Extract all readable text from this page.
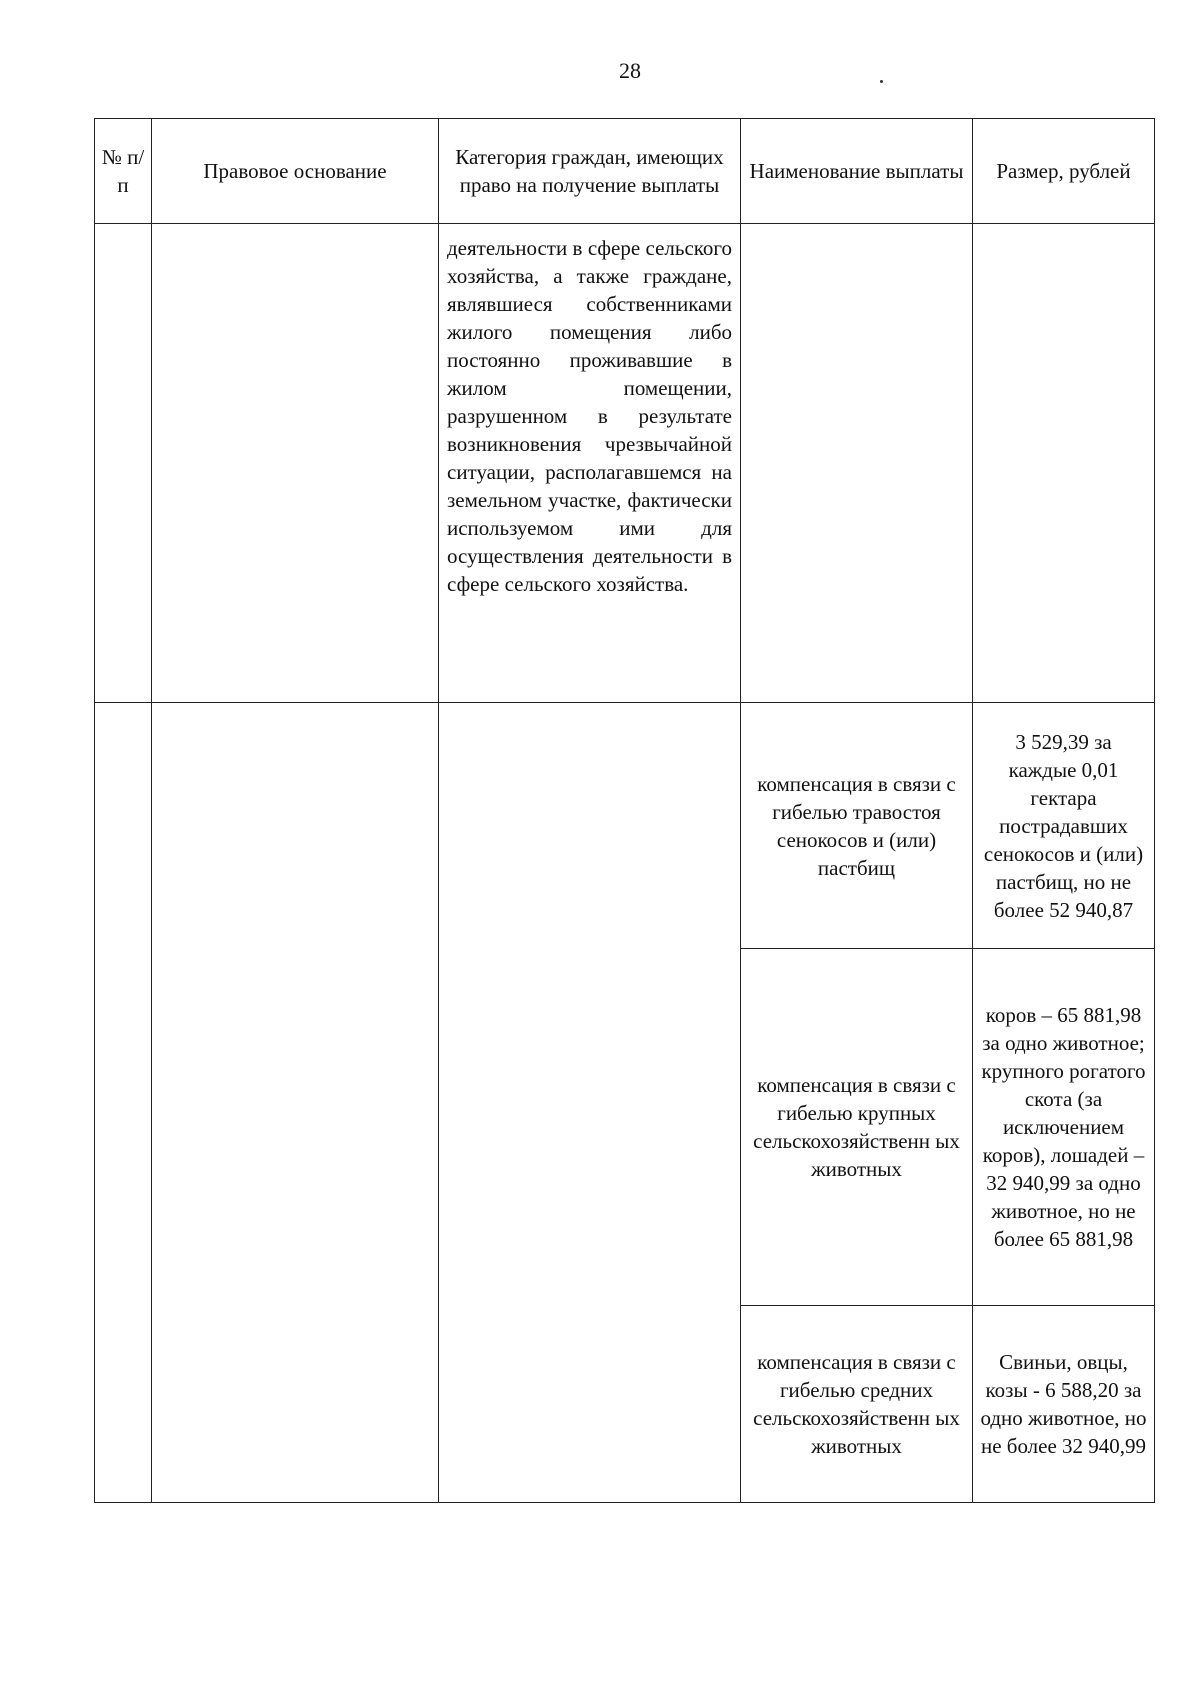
28
№ п/п	Правовое основание	Категория граждан, имеющих право на получение выплаты	Наименование выплаты	Размер, рублей
		деятельности в сфере сельского хозяйства, а также граждане, являвшиеся собственниками жилого помещения либо постоянно проживавшие в жилом помещении, разрушенном в результате возникновения чрезвычайной ситуации, располагавшемся на земельном участке, фактически используемом ими для осуществления деятельности в сфере сельского хозяйства.		
			компенсация в связи с гибелью травостоя сенокосов и (или) пастбищ	3 529,39 за каждые 0,01 гектара пострадавших сенокосов и (или) пастбищ, но не более 52 940,87
			компенсация в связи с гибелью крупных сельскохозяйственн ых животных	коров – 65 881,98 за одно животное; крупного рогатого скота (за исключением коров), лошадей – 32 940,99 за одно животное, но не более 65 881,98
			компенсация в связи с гибелью средних сельскохозяйственн ых животных	Свиньи, овцы, козы - 6 588,20 за одно животное, но не более 32 940,99
